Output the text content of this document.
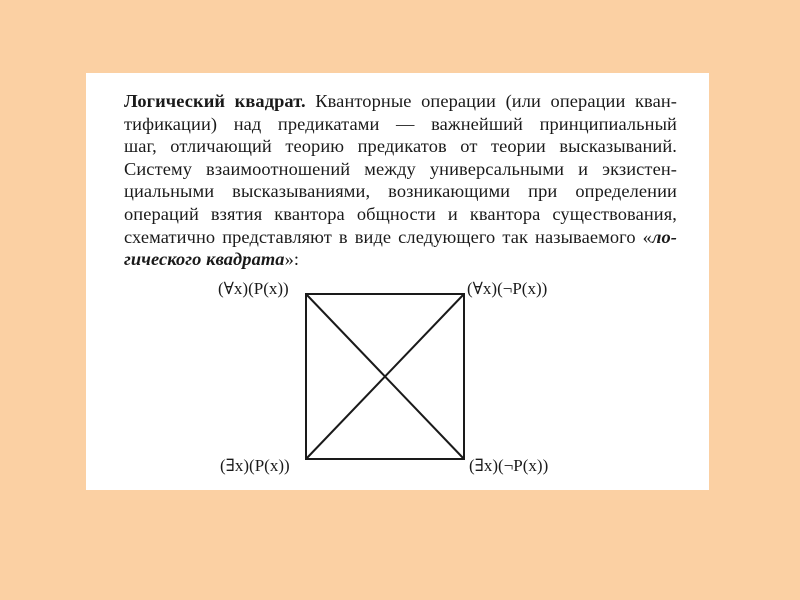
Логический квадрат. Кванторные операции (или операции кван-
тификации) над предикатами — важнейший принципиальный
шаг, отличающий теорию предикатов от теории высказываний.
Систему взаимоотношений между универсальными и экзистен-
циальными высказываниями, возникающими при определении
операций взятия квантора общности и квантора существования,
схематично представляют в виде следующего так называемого «ло-
гического квадрата»:
(∀x)(P(x))	(∀x)(¬P(x))
(∃x)(P(x))	(∃x)(¬P(x))
